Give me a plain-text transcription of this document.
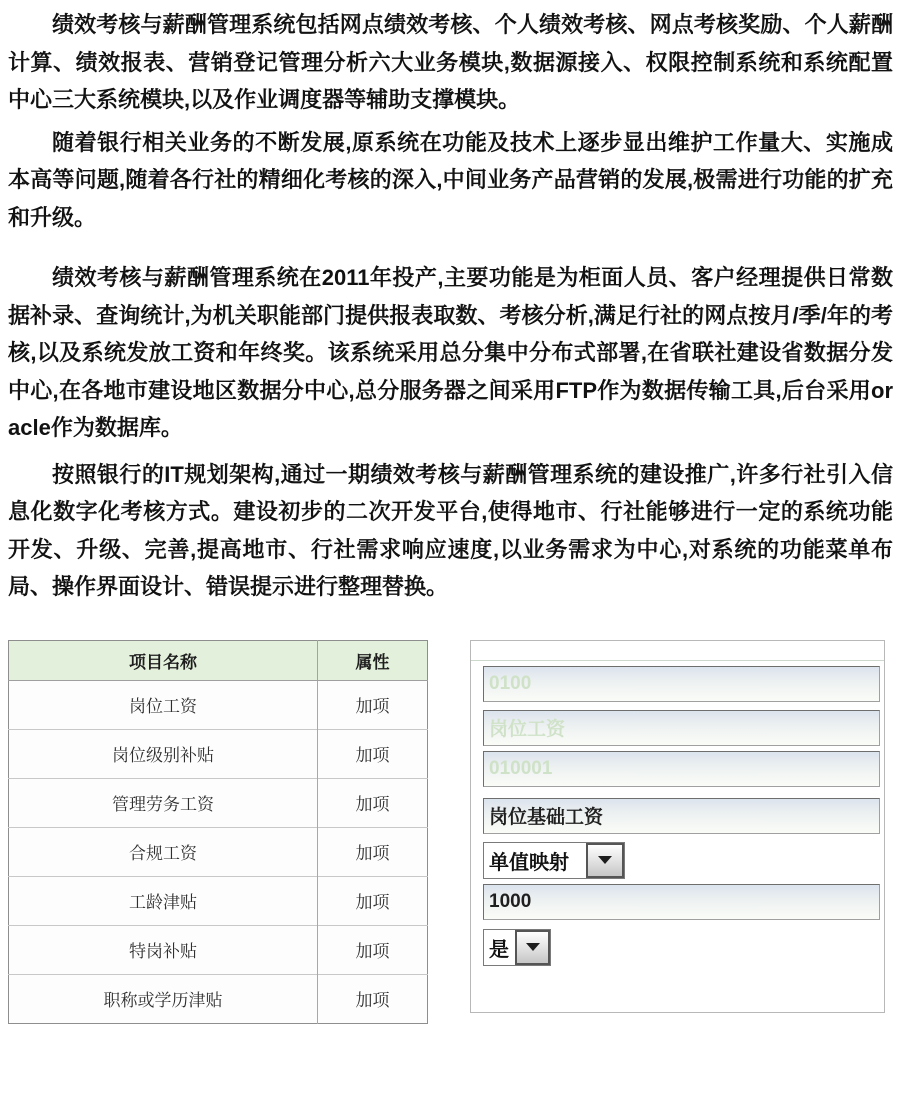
绩效考核与薪酬管理系统包括网点绩效考核、个人绩效考核、网点考核奖励、个人薪酬计算、绩效报表、营销登记管理分析六大业务模块,数据源接入、权限控制系统和系统配置中心三大系统模块,以及作业调度器等辅助支撑模块。

随着银行相关业务的不断发展,原系统在功能及技术上逐步显出维护工作量大、实施成本高等问题,随着各行社的精细化考核的深入,中间业务产品营销的发展,极需进行功能的扩充和升级。

绩效考核与薪酬管理系统在2011年投产,主要功能是为柜面人员、客户经理提供日常数据补录、查询统计,为机关职能部门提供报表取数、考核分析,满足行社的网点按月/季/年的考核,以及系统发放工资和年终奖。该系统采用总分集中分布式部署,在省联社建设省数据分发中心,在各地市建设地区数据分中心,总分服务器之间采用FTP作为数据传输工具,后台采用oracle作为数据库。

按照银行的IT规划架构,通过一期绩效考核与薪酬管理系统的建设推广,许多行社引入信息化数字化考核方式。建设初步的二次开发平台,使得地市、行社能够进行一定的系统功能开发、升级、完善,提高地市、行社需求响应速度,以业务需求为中心,对系统的功能菜单布局、操作界面设计、错误提示进行整理替换。

项目名称	属性
岗位工资	加项
岗位级别补贴	加项
管理劳务工资	加项
合规工资	加项
工龄津贴	加项
特岗补贴	加项
职称或学历津贴	加项
0100
岗位工资
010001
岗位基础工资
单值映射
1000
是
